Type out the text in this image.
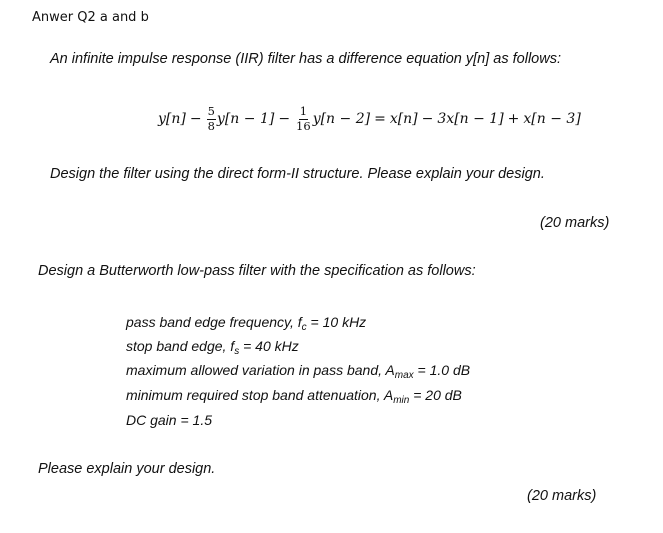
Anwer Q2 a and b
An infinite impulse response (IIR) filter has a difference equation y[n] as follows:
$y[n] - \frac{5}{8} y[n - 1] - \frac{1}{16} y[n - 2] = x[n] - 3x[n - 1] + x[n - 3]$
Design the filter using the direct form-II structure. Please explain your design.
(20 marks)
Design a Butterworth low-pass filter with the specification as follows:
pass band edge frequency, $f_c = 10$ kHz
stop band edge, $f_s = 40$ kHz
maximum allowed variation in pass band, $A_{max} = 1.0$ dB
minimum required stop band attenuation, $A_{min} = 20$ dB
DC gain = 1.5
Please explain your design.
(20 marks)
